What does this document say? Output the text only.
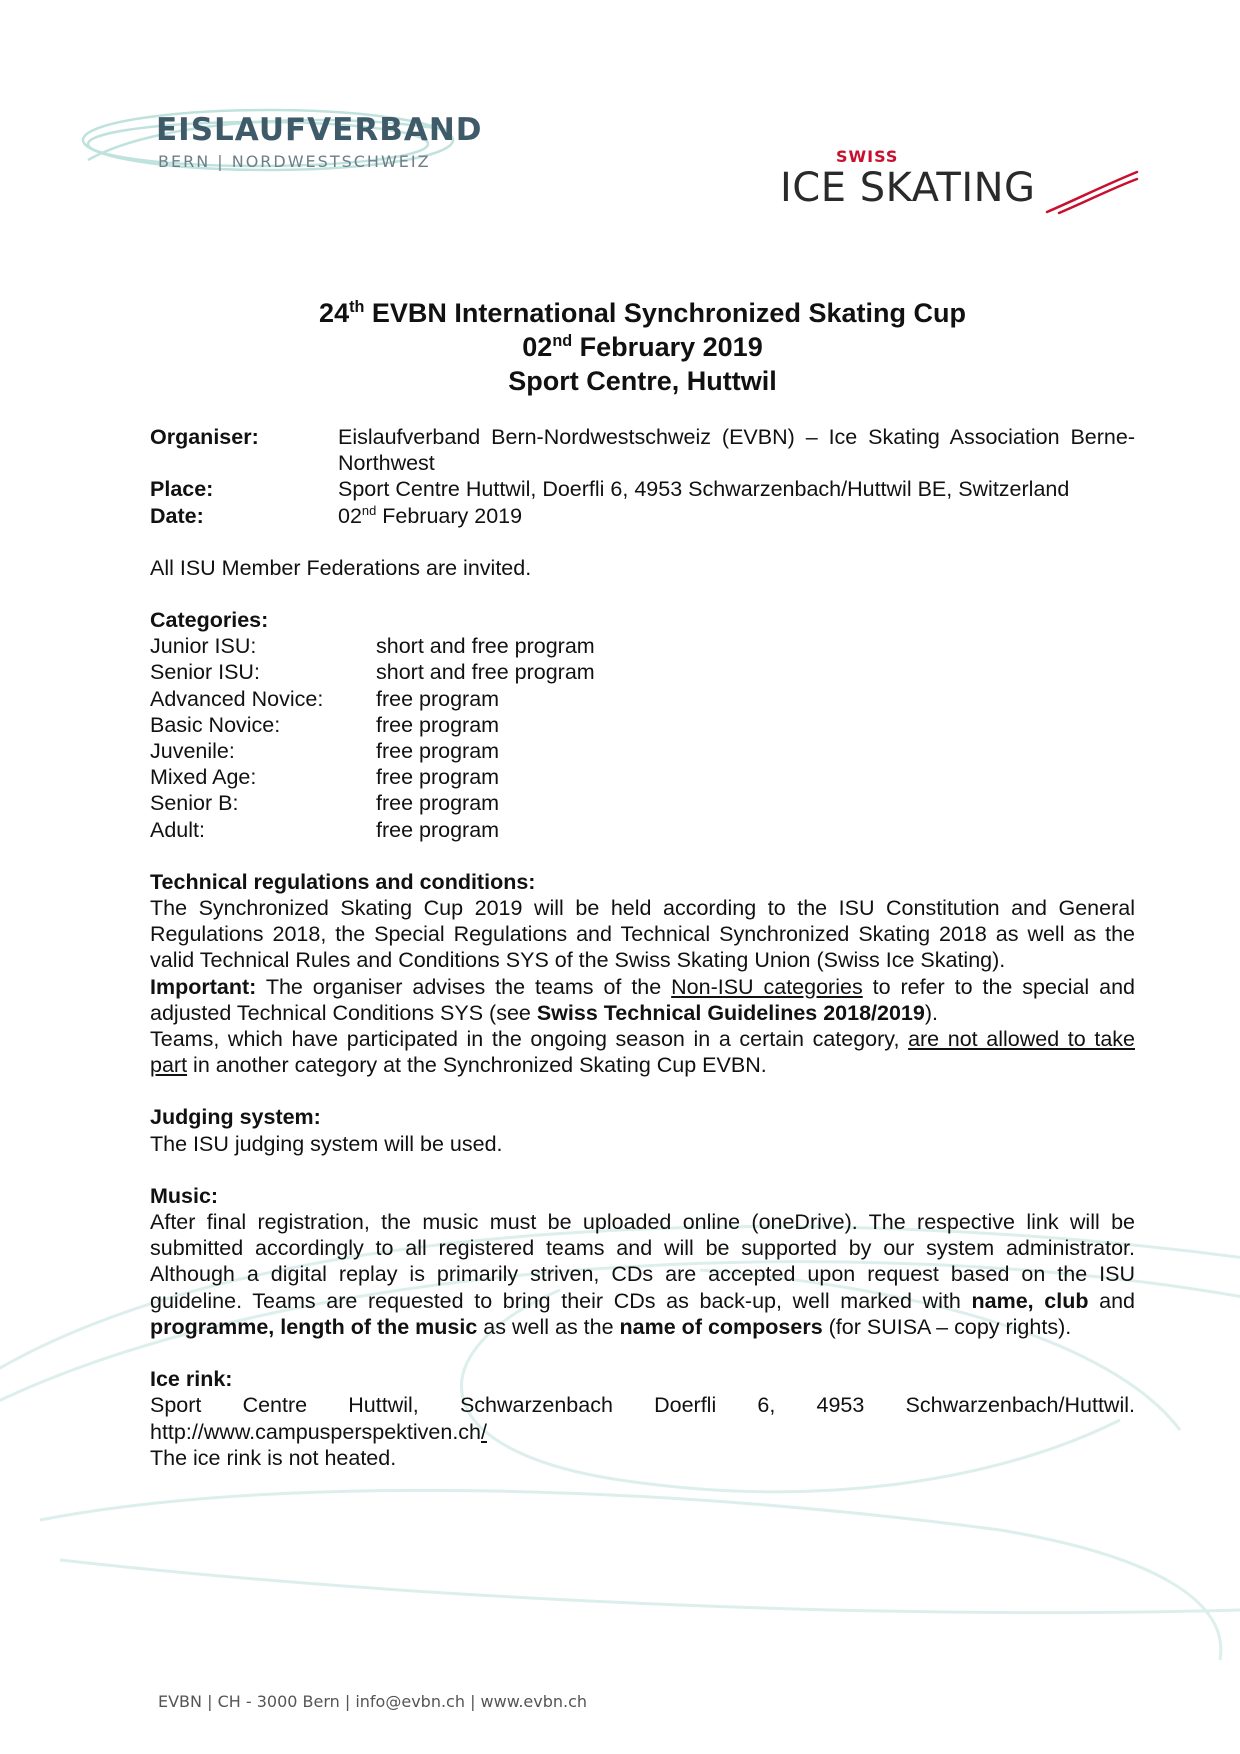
EISLAUFVERBAND
BERN | NORDWESTSCHWEIZ	SWISS
ICE SKATING
24th EVBN International Synchronized Skating Cup
02nd February 2019
Sport Centre, Huttwil
Organiser:	Eislaufverband Bern-Nordwestschweiz (EVBN) – Ice Skating Association Berne-Northwest
Place:	Sport Centre Huttwil, Doerfli 6, 4953 Schwarzenbach/Huttwil BE, Switzerland
Date:	02nd February 2019

All ISU Member Federations are invited.

Categories:
Junior ISU:	short and free program
Senior ISU:	short and free program
Advanced Novice:	free program
Basic Novice:	free program
Juvenile:	free program
Mixed Age:	free program
Senior B:	free program
Adult:	free program
Technical regulations and conditions:
The Synchronized Skating Cup 2019 will be held according to the ISU Constitution and General Regulations 2018, the Special Regulations and Technical Synchronized Skating 2018 as well as the valid Technical Rules and Conditions SYS of the Swiss Skating Union (Swiss Ice Skating).
Important: The organiser advises the teams of the Non-ISU categories to refer to the special and adjusted Technical Conditions SYS (see Swiss Technical Guidelines 2018/2019).
Teams, which have participated in the ongoing season in a certain category, are not allowed to take part in another category at the Synchronized Skating Cup EVBN.
Judging system:
The ISU judging system will be used.
Music:
After final registration, the music must be uploaded online (oneDrive). The respective link will be submitted accordingly to all registered teams and will be supported by our system administrator. Although a digital replay is primarily striven, CDs are accepted upon request based on the ISU guideline. Teams are requested to bring their CDs as back-up, well marked with name, club and programme, length of the music as well as the name of composers (for SUISA – copy rights).
Ice rink:
Sport Centre Huttwil, Schwarzenbach Doerfli 6, 4953 Schwarzenbach/Huttwil.
http://www.campusperspektiven.ch/
The ice rink is not heated.
EVBN | CH - 3000 Bern | info@evbn.ch | www.evbn.ch
